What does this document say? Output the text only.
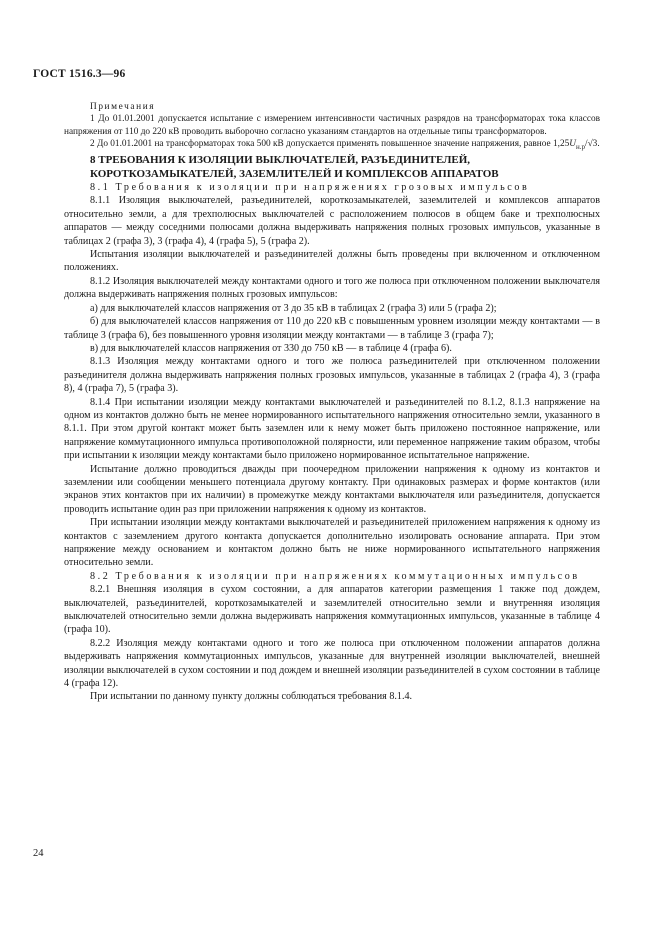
ГОСТ 1516.3—96

Примечания

1 До 01.01.2001 допускается испытание с измерением интенсивности частичных разрядов на трансформаторах тока классов напряжения от 110 до 220 кВ проводить выборочно согласно указаниям стандартов на отдельные типы трансформаторов.

2 До 01.01.2001 на трансформаторах тока 500 кВ допускается применять повышенное значение напряжения, равное $1,25U_{н.р}/√3$.

8 ТРЕБОВАНИЯ К ИЗОЛЯЦИИ ВЫКЛЮЧАТЕЛЕЙ, РАЗЪЕДИНИТЕЛЕЙ,
КОРОТКОЗАМЫКАТЕЛЕЙ, ЗАЗЕМЛИТЕЛЕЙ И КОМПЛЕКСОВ АППАРАТОВ

8.1 Требования к изоляции при напряжениях грозовых импульсов

8.1.1 Изоляция выключателей, разъединителей, короткозамыкателей, заземлителей и комплексов аппаратов относительно земли, а для трехполюсных выключателей с расположением полюсов в общем баке и трехполюсных аппаратов — между соседними полюсами должна выдерживать напряжения полных грозовых импульсов, указанные в таблицах 2 (графа 3), 3 (графа 4), 4 (графа 5), 5 (графа 2).

Испытания изоляции выключателей и разъединителей должны быть проведены при включенном и отключенном положениях.

8.1.2 Изоляция выключателей между контактами одного и того же полюса при отключенном положении выключателя должна выдерживать напряжения полных грозовых импульсов:

а) для выключателей классов напряжения от 3 до 35 кВ в таблицах 2 (графа 3) или 5 (графа 2);

б) для выключателей классов напряжения от 110 до 220 кВ с повышенным уровнем изоляции между контактами — в таблице 3 (графа 6), без повышенного уровня изоляции между контактами — в таблице 3 (графа 7);

в) для выключателей классов напряжения от 330 до 750 кВ — в таблице 4 (графа 6).

8.1.3 Изоляция между контактами одного и того же полюса разъединителей при отключенном положении разъединителя должна выдерживать напряжения полных грозовых импульсов, указанные в таблицах 2 (графа 4), 3 (графа 8), 4 (графа 7), 5 (графа 3).

8.1.4 При испытании изоляции между контактами выключателей и разъединителей по 8.1.2, 8.1.3 напряжение на одном из контактов должно быть не менее нормированного испытательного напряжения относительно земли, указанного в 8.1.1. При этом другой контакт может быть заземлен или к нему может быть приложено постоянное напряжение, или напряжение коммутационного импульса противоположной полярности, или переменное напряжение таким образом, чтобы при испытании к изоляции между контактами было приложено нормированное испытательное напряжение.

Испытание должно проводиться дважды при поочередном приложении напряжения к одному из контактов и заземлении или сообщении меньшего потенциала другому контакту. При одинаковых размерах и форме контактов (или экранов этих контактов при их наличии) в промежутке между контактами выключателя или разъединителя, допускается проводить испытание один раз при приложении напряжения к одному из контактов.

При испытании изоляции между контактами выключателей и разъединителей приложением напряжения к одному из контактов с заземлением другого контакта допускается дополнительно изолировать основание аппарата. При этом напряжение между основанием и контактом должно быть не ниже нормированного испытательного напряжения относительно земли.

8.2 Требования к изоляции при напряжениях коммутационных импульсов

8.2.1 Внешняя изоляция в сухом состоянии, а для аппаратов категории размещения 1 также под дождем, выключателей, разъединителей, короткозамыкателей и заземлителей относительно земли и внутренняя изоляция выключателей относительно земли должна выдерживать напряжения коммутационных импульсов, указанные в таблице 4 (графа 10).

8.2.2 Изоляция между контактами одного и того же полюса при отключенном положении аппаратов должна выдерживать напряжения коммутационных импульсов, указанные для внутренней изоляции выключателей, внешней изоляции выключателей в сухом состоянии и под дождем и внешней изоляции разъединителей в сухом состоянии в таблице 4 (графа 12).

При испытании по данному пункту должны соблюдаться требования 8.1.4.

24
